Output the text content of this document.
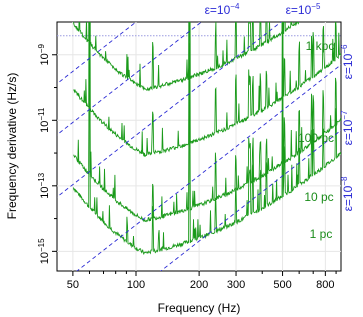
50	100	200 300	500 800
$10^{-9}$
$10^{-11}$
$10^{-13}$
$10^{-15}$
1 pc
10 pc
100 pc
1 kpc
$\varepsilon=10^{-4}$	$\varepsilon=10^{-5}$
$\varepsilon=10^{-6}$
$\varepsilon=10^{-7}$
$\varepsilon=10^{-8}$
Frequency (Hz)
Frequency derivative (Hz/s)
